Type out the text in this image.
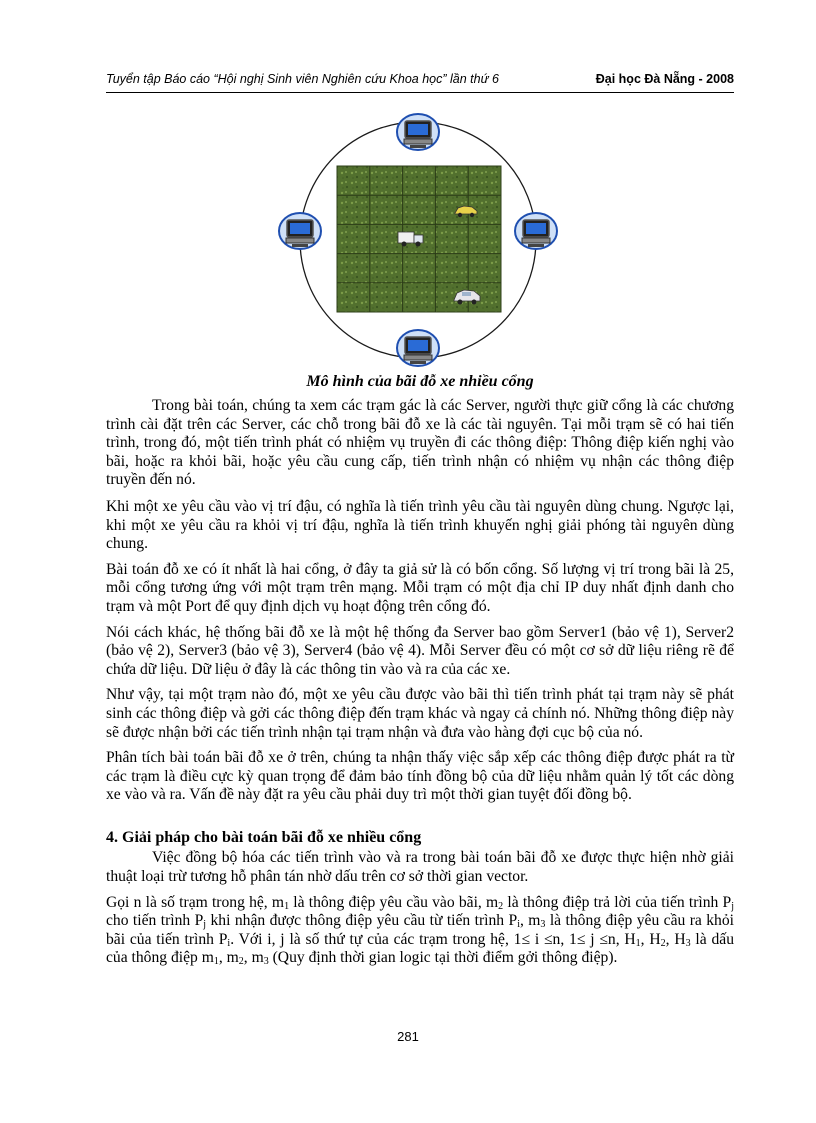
Tuyển tập Báo cáo “Hội nghị Sinh viên Nghiên cứu Khoa học” lần thứ 6	Đại học Đà Nẵng - 2008
Mô hình của bãi đỗ xe nhiều cổng

Trong bài toán, chúng ta xem các trạm gác là các Server, người thực giữ cổng là các chương trình cài đặt trên các Server, các chỗ trong bãi đỗ xe là các tài nguyên. Tại mỗi trạm sẽ có hai tiến trình, trong đó, một tiến trình phát có nhiệm vụ truyền đi các thông điệp: Thông điệp kiến nghị vào bãi, hoặc ra khỏi bãi, hoặc yêu cầu cung cấp, tiến trình nhận có nhiệm vụ nhận các thông điệp truyền đến nó.

Khi một xe yêu cầu vào vị trí đậu, có nghĩa là tiến trình yêu cầu tài nguyên dùng chung. Ngược lại, khi một xe yêu cầu ra khỏi vị trí đậu, nghĩa là tiến trình khuyến nghị giải phóng tài nguyên dùng chung.

Bài toán đỗ xe có ít nhất là hai cổng, ở đây ta giả sử là có bốn cổng. Số lượng vị trí trong bãi là 25, mỗi cổng tương ứng với một trạm trên mạng. Mỗi trạm có một địa chỉ IP duy nhất định danh cho trạm và một Port để quy định dịch vụ hoạt động trên cổng đó.

Nói cách khác, hệ thống bãi đỗ xe là một hệ thống đa Server bao gồm Server1 (bảo vệ 1), Server2 (bảo vệ 2), Server3 (bảo vệ 3), Server4 (bảo vệ 4). Mỗi Server đều có một cơ sở dữ liệu riêng rẽ để chứa dữ liệu. Dữ liệu ở đây là các thông tin vào và ra của các xe.

Như vậy, tại một trạm nào đó, một xe yêu cầu được vào bãi thì tiến trình phát tại trạm này sẽ phát sinh các thông điệp và gởi các thông điệp đến trạm khác và ngay cả chính nó. Những thông điệp này sẽ được nhận bởi các tiến trình nhận tại trạm nhận và đưa vào hàng đợi cục bộ của nó.

Phân tích bài toán bãi đỗ xe ở trên, chúng ta nhận thấy việc sắp xếp các thông điệp được phát ra từ các trạm là điều cực kỳ quan trọng để đảm bảo tính đồng bộ của dữ liệu nhằm quản lý tốt các dòng xe vào và ra. Vấn đề này đặt ra yêu cầu phải duy trì một thời gian tuyệt đối đồng bộ.

4. Giải pháp cho bài toán bãi đỗ xe nhiều cổng

Việc đồng bộ hóa các tiến trình vào và ra trong bài toán bãi đỗ xe được thực hiện nhờ giải thuật loại trừ tương hỗ phân tán nhờ dấu trên cơ sở thời gian vector.

Gọi n là số trạm trong hệ, $m_1$ là thông điệp yêu cầu vào bãi, $m_2$ là thông điệp trả lời của tiến trình $P_j$ cho tiến trình $P_j$ khi nhận được thông điệp yêu cầu từ tiến trình $P_i$, $m_3$ là thông điệp yêu cầu ra khỏi bãi của tiến trình $P_i$. Với i, j là số thứ tự của các trạm trong hệ, 1≤ i ≤n, 1≤ j ≤n, $H_1$, $H_2$, $H_3$ là dấu của thông điệp $m_1$, $m_2$, $m_3$ (Quy định thời gian logic tại thời điểm gởi thông điệp).

281
